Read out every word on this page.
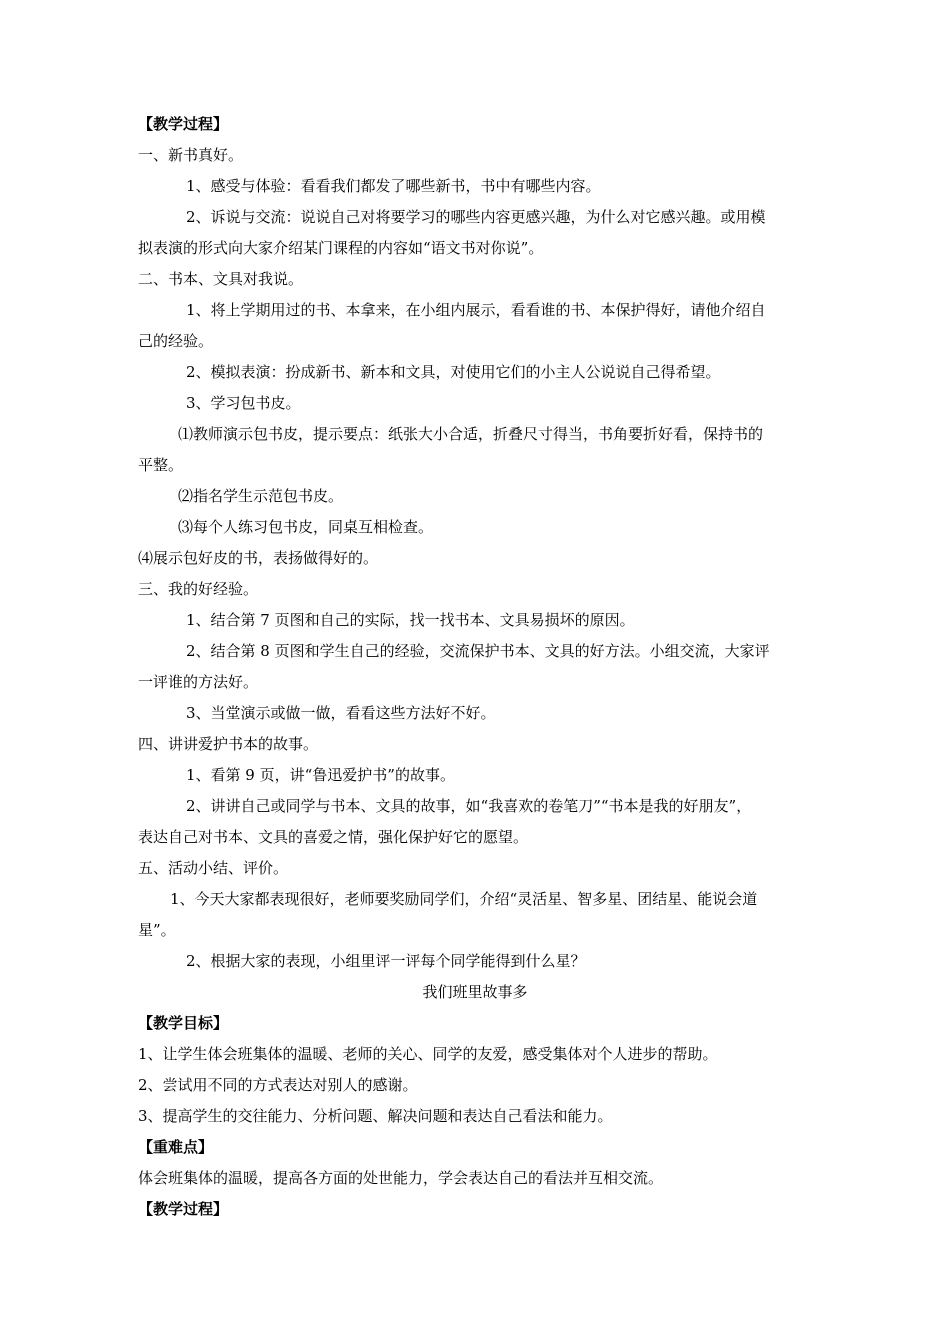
【教学过程】
一、新书真好。
1、感受与体验：看看我们都发了哪些新书，书中有哪些内容。
2、诉说与交流：说说自己对将要学习的哪些内容更感兴趣，为什么对它感兴趣。或用模
拟表演的形式向大家介绍某门课程的内容如“语文书对你说”。
二、书本、文具对我说。
1、将上学期用过的书、本拿来，在小组内展示，看看谁的书、本保护得好，请他介绍自
己的经验。
2、模拟表演：扮成新书、新本和文具，对使用它们的小主人公说说自己得希望。
3、学习包书皮。
⑴教师演示包书皮，提示要点：纸张大小合适，折叠尺寸得当，书角要折好看，保持书的
平整。
⑵指名学生示范包书皮。
⑶每个人练习包书皮，同桌互相检查。
⑷展示包好皮的书，表扬做得好的。
三、我的好经验。
1、结合第 7 页图和自己的实际，找一找书本、文具易损坏的原因。
2、结合第 8 页图和学生自己的经验，交流保护书本、文具的好方法。小组交流，大家评
一评谁的方法好。
3、当堂演示或做一做，看看这些方法好不好。
四、讲讲爱护书本的故事。
1、看第 9 页，讲“鲁迅爱护书”的故事。
2、讲讲自己或同学与书本、文具的故事，如“我喜欢的卷笔刀”“书本是我的好朋友”，
表达自己对书本、文具的喜爱之情，强化保护好它的愿望。
五、活动小结、评价。
1、今天大家都表现很好，老师要奖励同学们，介绍“灵活星、智多星、团结星、能说会道
星”。
2、根据大家的表现，小组里评一评每个同学能得到什么星？
我们班里故事多
【教学目标】
1、让学生体会班集体的温暖、老师的关心、同学的友爱，感受集体对个人进步的帮助。
2、尝试用不同的方式表达对别人的感谢。
3、提高学生的交往能力、分析问题、解决问题和表达自己看法和能力。
【重难点】
体会班集体的温暖，提高各方面的处世能力，学会表达自己的看法并互相交流。
【教学过程】
